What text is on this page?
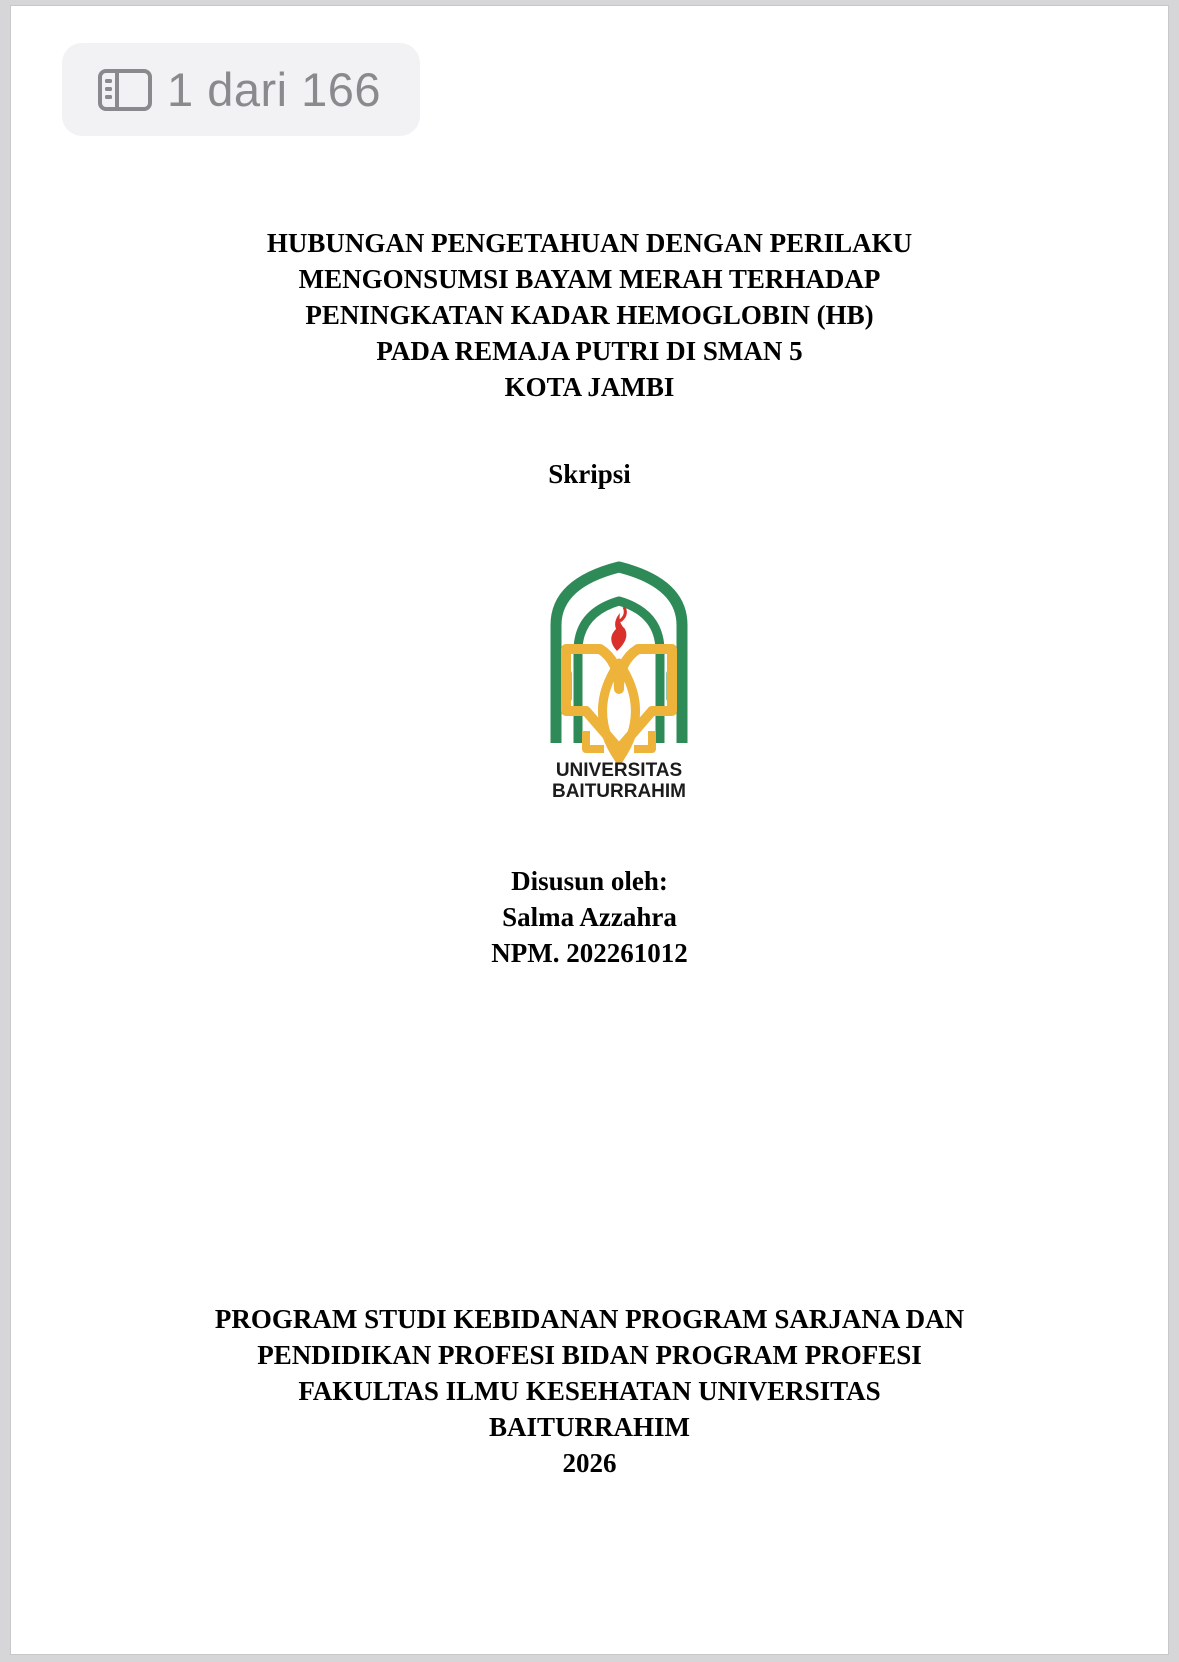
1 dari 166
HUBUNGAN PENGETAHUAN DENGAN PERILAKU
MENGONSUMSI BAYAM MERAH TERHADAP
PENINGKATAN KADAR HEMOGLOBIN (HB)
PADA REMAJA PUTRI DI SMAN 5
KOTA JAMBI
Skripsi
UNIVERSITAS
BAITURRAHIM
Disusun oleh:
Salma Azzahra
NPM. 202261012
PROGRAM STUDI KEBIDANAN PROGRAM SARJANA DAN
PENDIDIKAN PROFESI BIDAN PROGRAM PROFESI
FAKULTAS ILMU KESEHATAN UNIVERSITAS
BAITURRAHIM
2026
